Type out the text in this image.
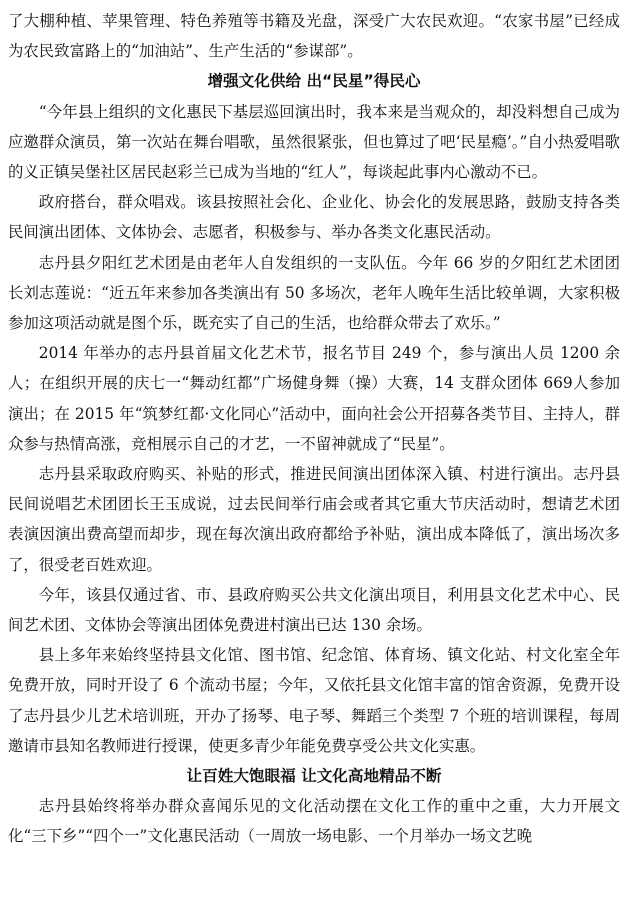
了大棚种植、苹果管理、特色养殖等书籍及光盘，深受广大农民欢迎。“农家书屋”已经成为农民致富路上的“加油站”、生产生活的“参谋部”。

增强文化供给 出“民星”得民心

“今年县上组织的文化惠民下基层巡回演出时，我本来是当观众的，却没料想自己成为应邀群众演员，第一次站在舞台唱歌，虽然很紧张，但也算过了吧‘民星瘾’。”自小热爱唱歌的义正镇吴堡社区居民赵彩兰已成为当地的“红人”，每谈起此事内心激动不已。

政府搭台，群众唱戏。该县按照社会化、企业化、协会化的发展思路，鼓励支持各类民间演出团体、文体协会、志愿者，积极参与、举办各类文化惠民活动。

志丹县夕阳红艺术团是由老年人自发组织的一支队伍。今年 66 岁的夕阳红艺术团团长刘志莲说：“近五年来参加各类演出有 50 多场次，老年人晚年生活比较单调，大家积极参加这项活动就是图个乐，既充实了自己的生活，也给群众带去了欢乐。”

2014 年举办的志丹县首届文化艺术节，报名节目 249 个，参与演出人员 1200 余人；在组织开展的庆七一“舞动红都”广场健身舞（操）大赛，14 支群众团体 669人参加演出；在 2015 年“筑梦红都·文化同心”活动中，面向社会公开招募各类节目、主持人，群众参与热情高涨，竞相展示自己的才艺，一不留神就成了“民星”。

志丹县采取政府购买、补贴的形式，推进民间演出团体深入镇、村进行演出。志丹县民间说唱艺术团团长王玉成说，过去民间举行庙会或者其它重大节庆活动时，想请艺术团表演因演出费高望而却步，现在每次演出政府都给予补贴，演出成本降低了，演出场次多了，很受老百姓欢迎。

今年，该县仅通过省、市、县政府购买公共文化演出项目，利用县文化艺术中心、民间艺术团、文体协会等演出团体免费进村演出已达 130 余场。

县上多年来始终坚持县文化馆、图书馆、纪念馆、体育场、镇文化站、村文化室全年免费开放，同时开设了 6 个流动书屋；今年，又依托县文化馆丰富的馆舍资源，免费开设了志丹县少儿艺术培训班，开办了扬琴、电子琴、舞蹈三个类型 7 个班的培训课程，每周邀请市县知名教师进行授课，使更多青少年能免费享受公共文化实惠。

让百姓大饱眼福 让文化高地精品不断

志丹县始终将举办群众喜闻乐见的文化活动摆在文化工作的重中之重，大力开展文化“三下乡”“四个一”文化惠民活动（一周放一场电影、一个月举办一场文艺晚
